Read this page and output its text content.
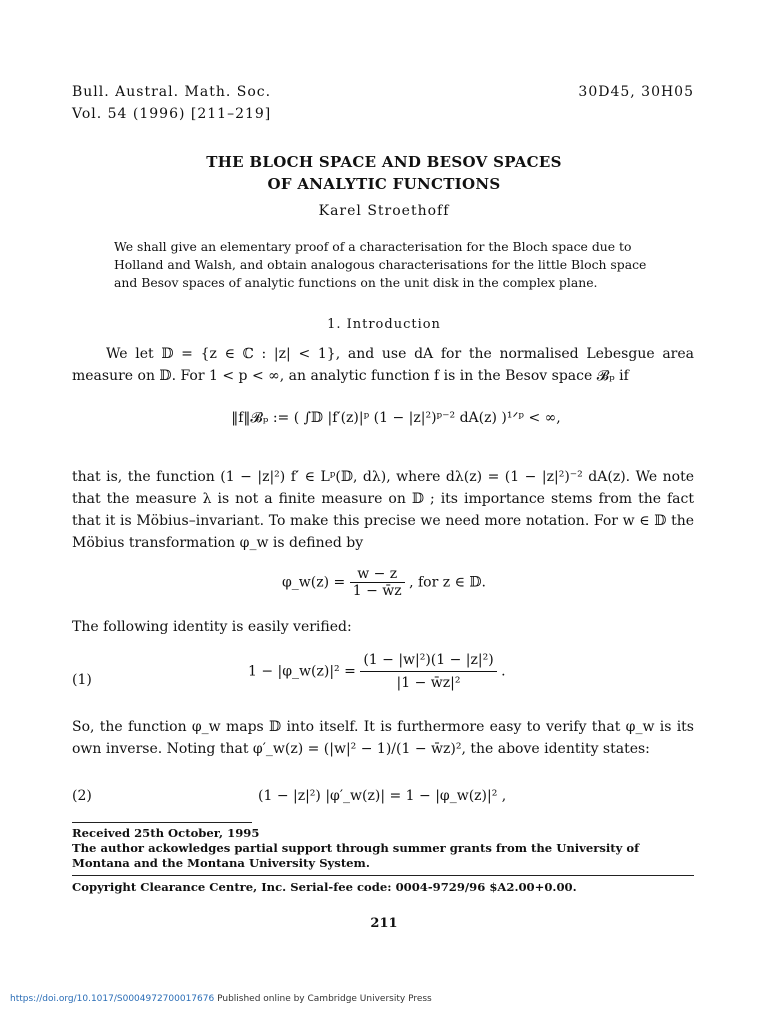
Bull. Austral. Math. Soc.
Vol. 54 (1996) [211–219]
30D45, 30H05
THE BLOCH SPACE AND BESOV SPACES
OF ANALYTIC FUNCTIONS
Karel Stroethoff
We shall give an elementary proof of a characterisation for the Bloch space due to Holland and Walsh, and obtain analogous characterisations for the little Bloch space and Besov spaces of analytic functions on the unit disk in the complex plane.
1. Introduction
We let 𝔻 = {z ∈ ℂ : |z| < 1}, and use dA for the normalised Lebesgue area measure on 𝔻. For 1 < p < ∞, an analytic function f is in the Besov space 𝓑ₚ if
‖f‖𝓑ₚ := ( ∫𝔻 |f′(z)|ᵖ (1 − |z|²)ᵖ⁻² dA(z) )¹ᐟᵖ < ∞,
that is, the function (1 − |z|²) f′ ∈ Lᵖ(𝔻, dλ), where dλ(z) = (1 − |z|²)⁻² dA(z). We note that the measure λ is not a finite measure on 𝔻 ; its importance stems from the fact that it is Möbius–invariant. To make this precise we need more notation. For w ∈ 𝔻 the Möbius transformation φ_w is defined by
φ_w(z) = $\frac{w - z}{1 - w̄z}$ , for z ∈ 𝔻.
The following identity is easily verified:
(1)
1 − |φ_w(z)|² = $\frac{\text{(1 − |w|²)(1 − |z|²)}}{\text{|1 − w̄z|²}}$ .
So, the function φ_w maps 𝔻 into itself. It is furthermore easy to verify that φ_w is its own inverse. Noting that φ′_w(z) = (|w|² − 1)/(1 − w̄z)², the above identity states:
(2)	(1 − |z|²) |φ′_w(z)| = 1 − |φ_w(z)|² ,
Received 25th October, 1995
The author ackowledges partial support through summer grants from the University of Montana and the Montana University System.
Copyright Clearance Centre, Inc. Serial-fee code: 0004-9729/96 $A2.00+0.00.
211
https://doi.org/10.1017/S0004972700017676 Published online by Cambridge University Press
